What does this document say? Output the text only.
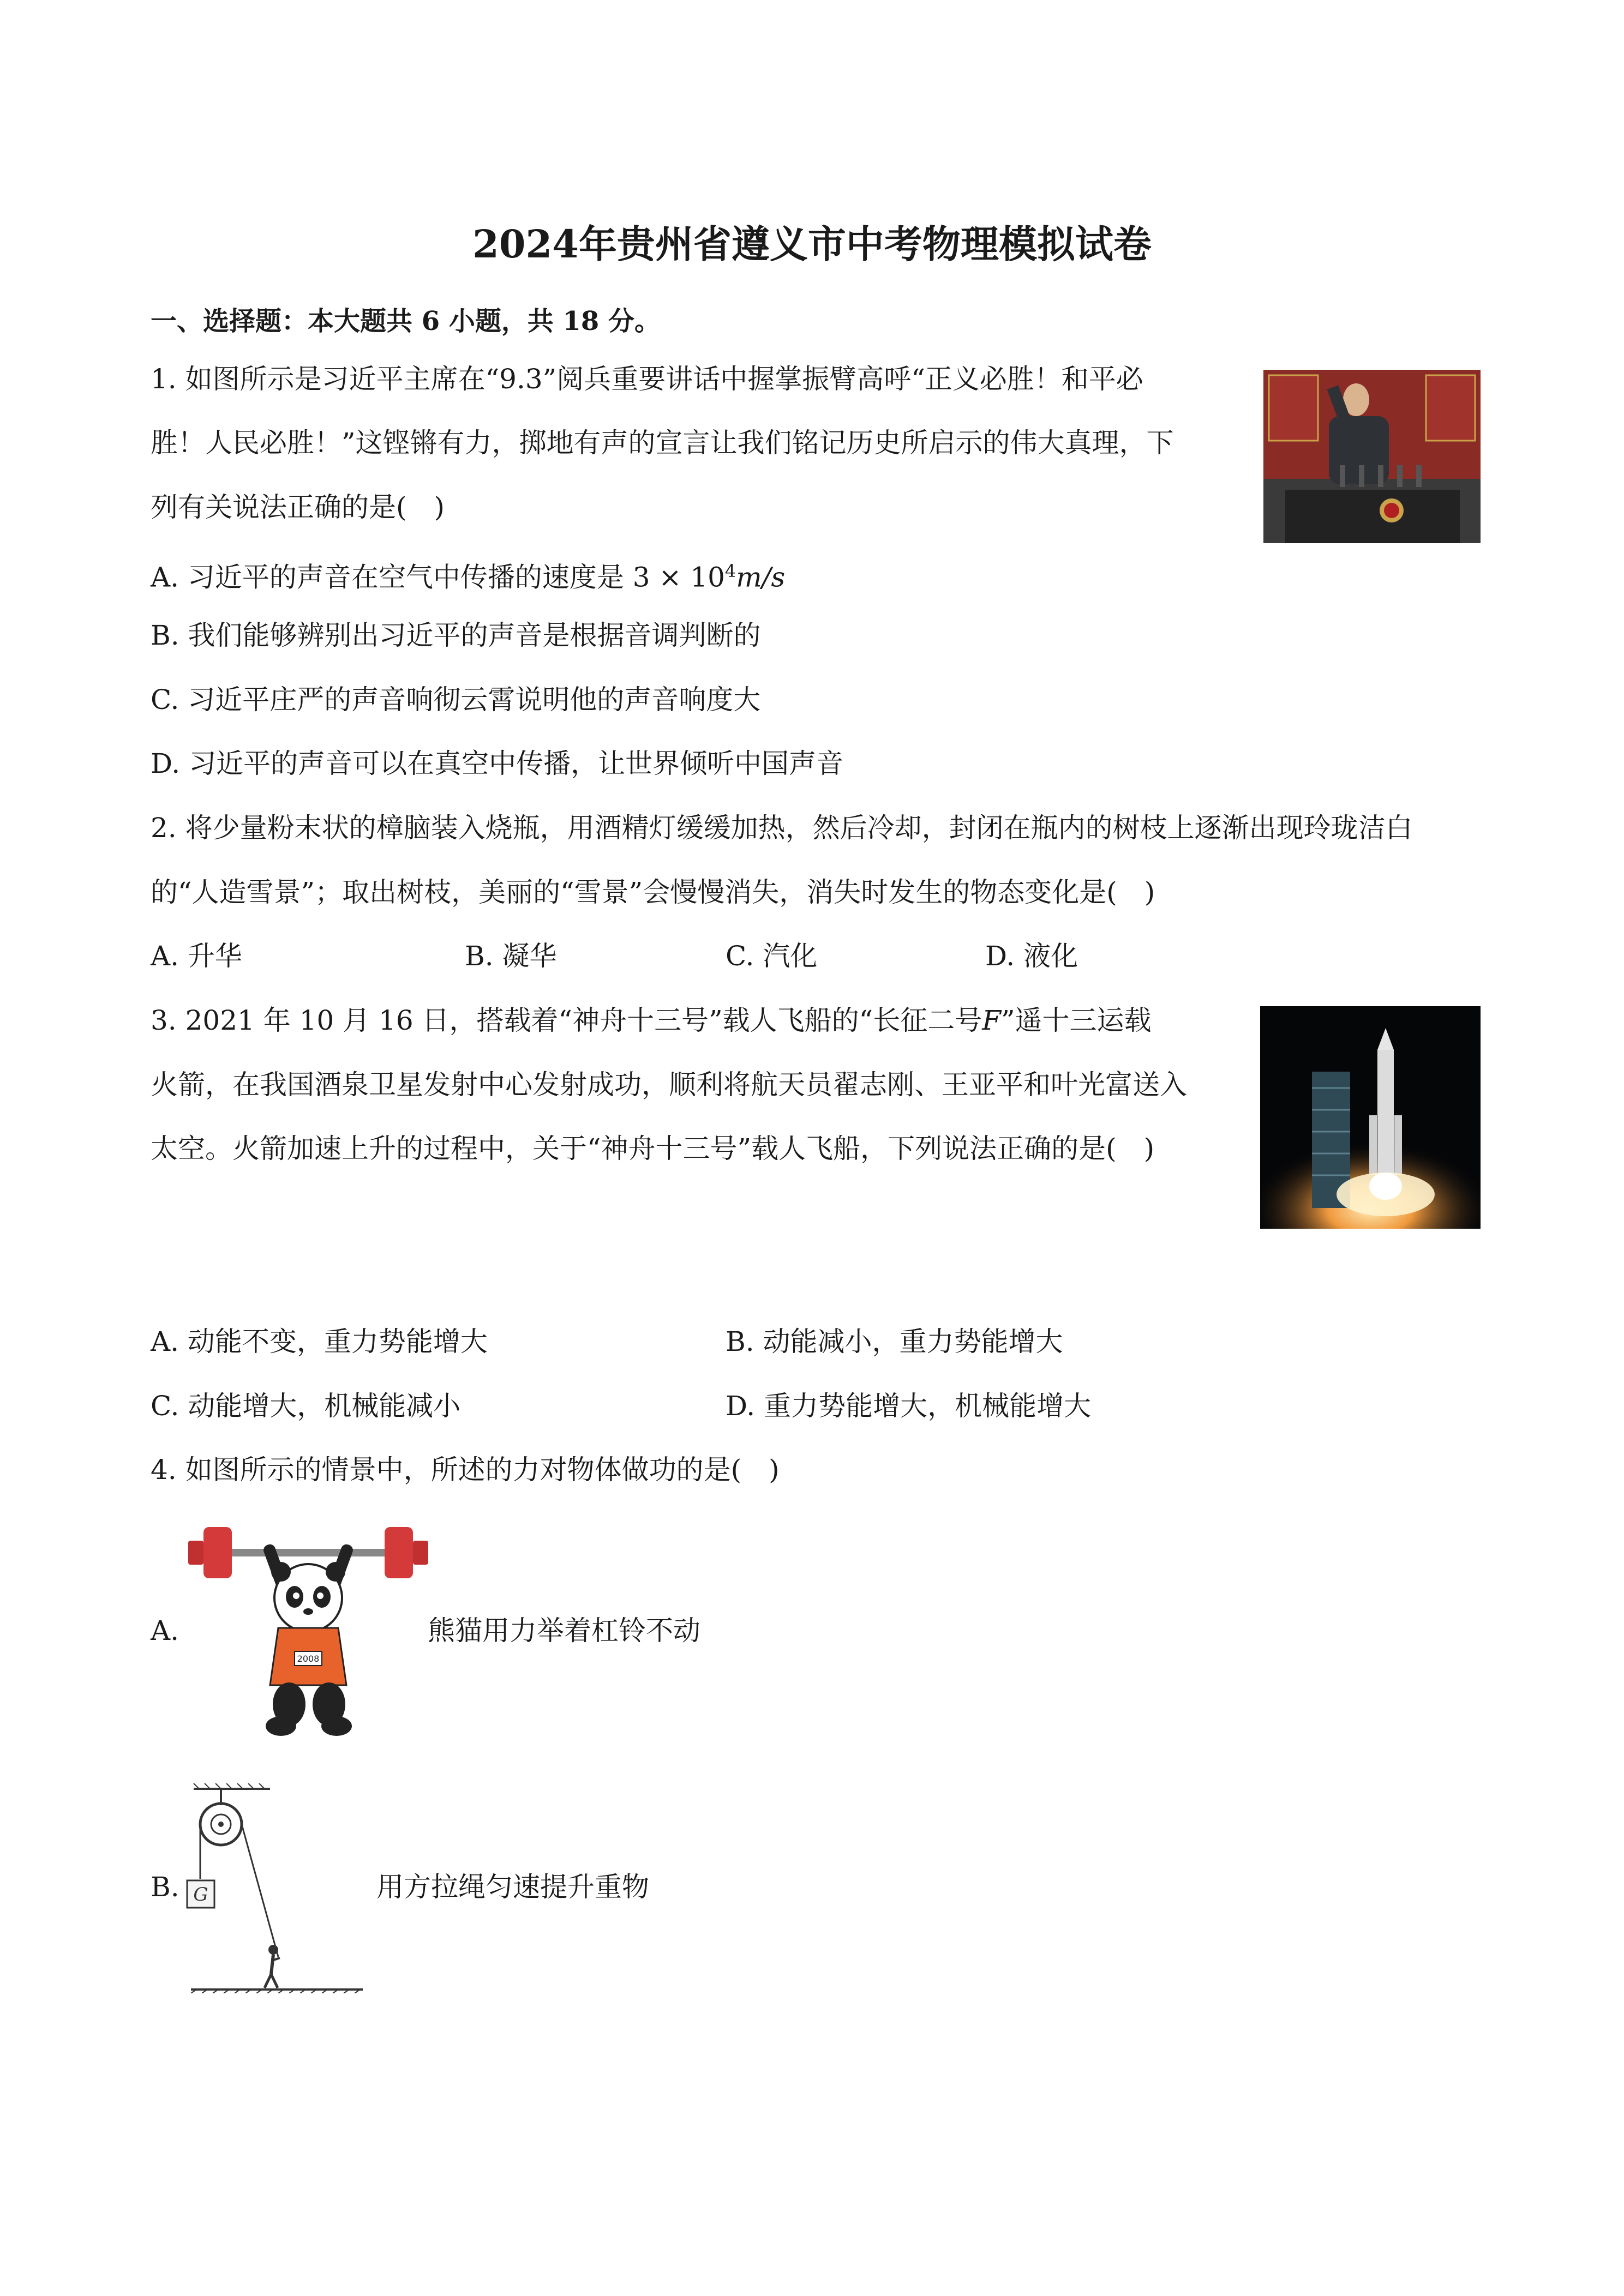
2024年贵州省遵义市中考物理模拟试卷
一、选择题：本大题共 6 小题，共 18 分。
1. 如图所示是习近平主席在“9.3”阅兵重要讲话中握掌振臂高呼“正义必胜！和平必
胜！人民必胜！”这铿锵有力，掷地有声的宣言让我们铭记历史所启示的伟大真理，下
列有关说法正确的是(　)
A. 习近平的声音在空气中传播的速度是 $3 \times 10^4m/s$
B. 我们能够辨别出习近平的声音是根据音调判断的
C. 习近平庄严的声音响彻云霄说明他的声音响度大
D. 习近平的声音可以在真空中传播，让世界倾听中国声音
2. 将少量粉末状的樟脑装入烧瓶，用酒精灯缓缓加热，然后冷却，封闭在瓶内的树枝上逐渐出现玲珑洁白
的“人造雪景”；取出树枝，美丽的“雪景”会慢慢消失，消失时发生的物态变化是(　)
A. 升华	B. 凝华	C. 汽化	D. 液化
3. 2021 年 10 月 16 日，搭载着“神舟十三号”载人飞船的“长征二号F”遥十三运载
火箭，在我国酒泉卫星发射中心发射成功，顺利将航天员翟志刚、王亚平和叶光富送入
太空。火箭加速上升的过程中，关于“神舟十三号”载人飞船，下列说法正确的是(　)
A. 动能不变，重力势能增大	B. 动能减小，重力势能增大
C. 动能增大，机械能减小	D. 重力势能增大，机械能增大
4. 如图所示的情景中，所述的力对物体做功的是(　)
A.
2008
熊猫用力举着杠铃不动
B. G	用方拉绳匀速提升重物
